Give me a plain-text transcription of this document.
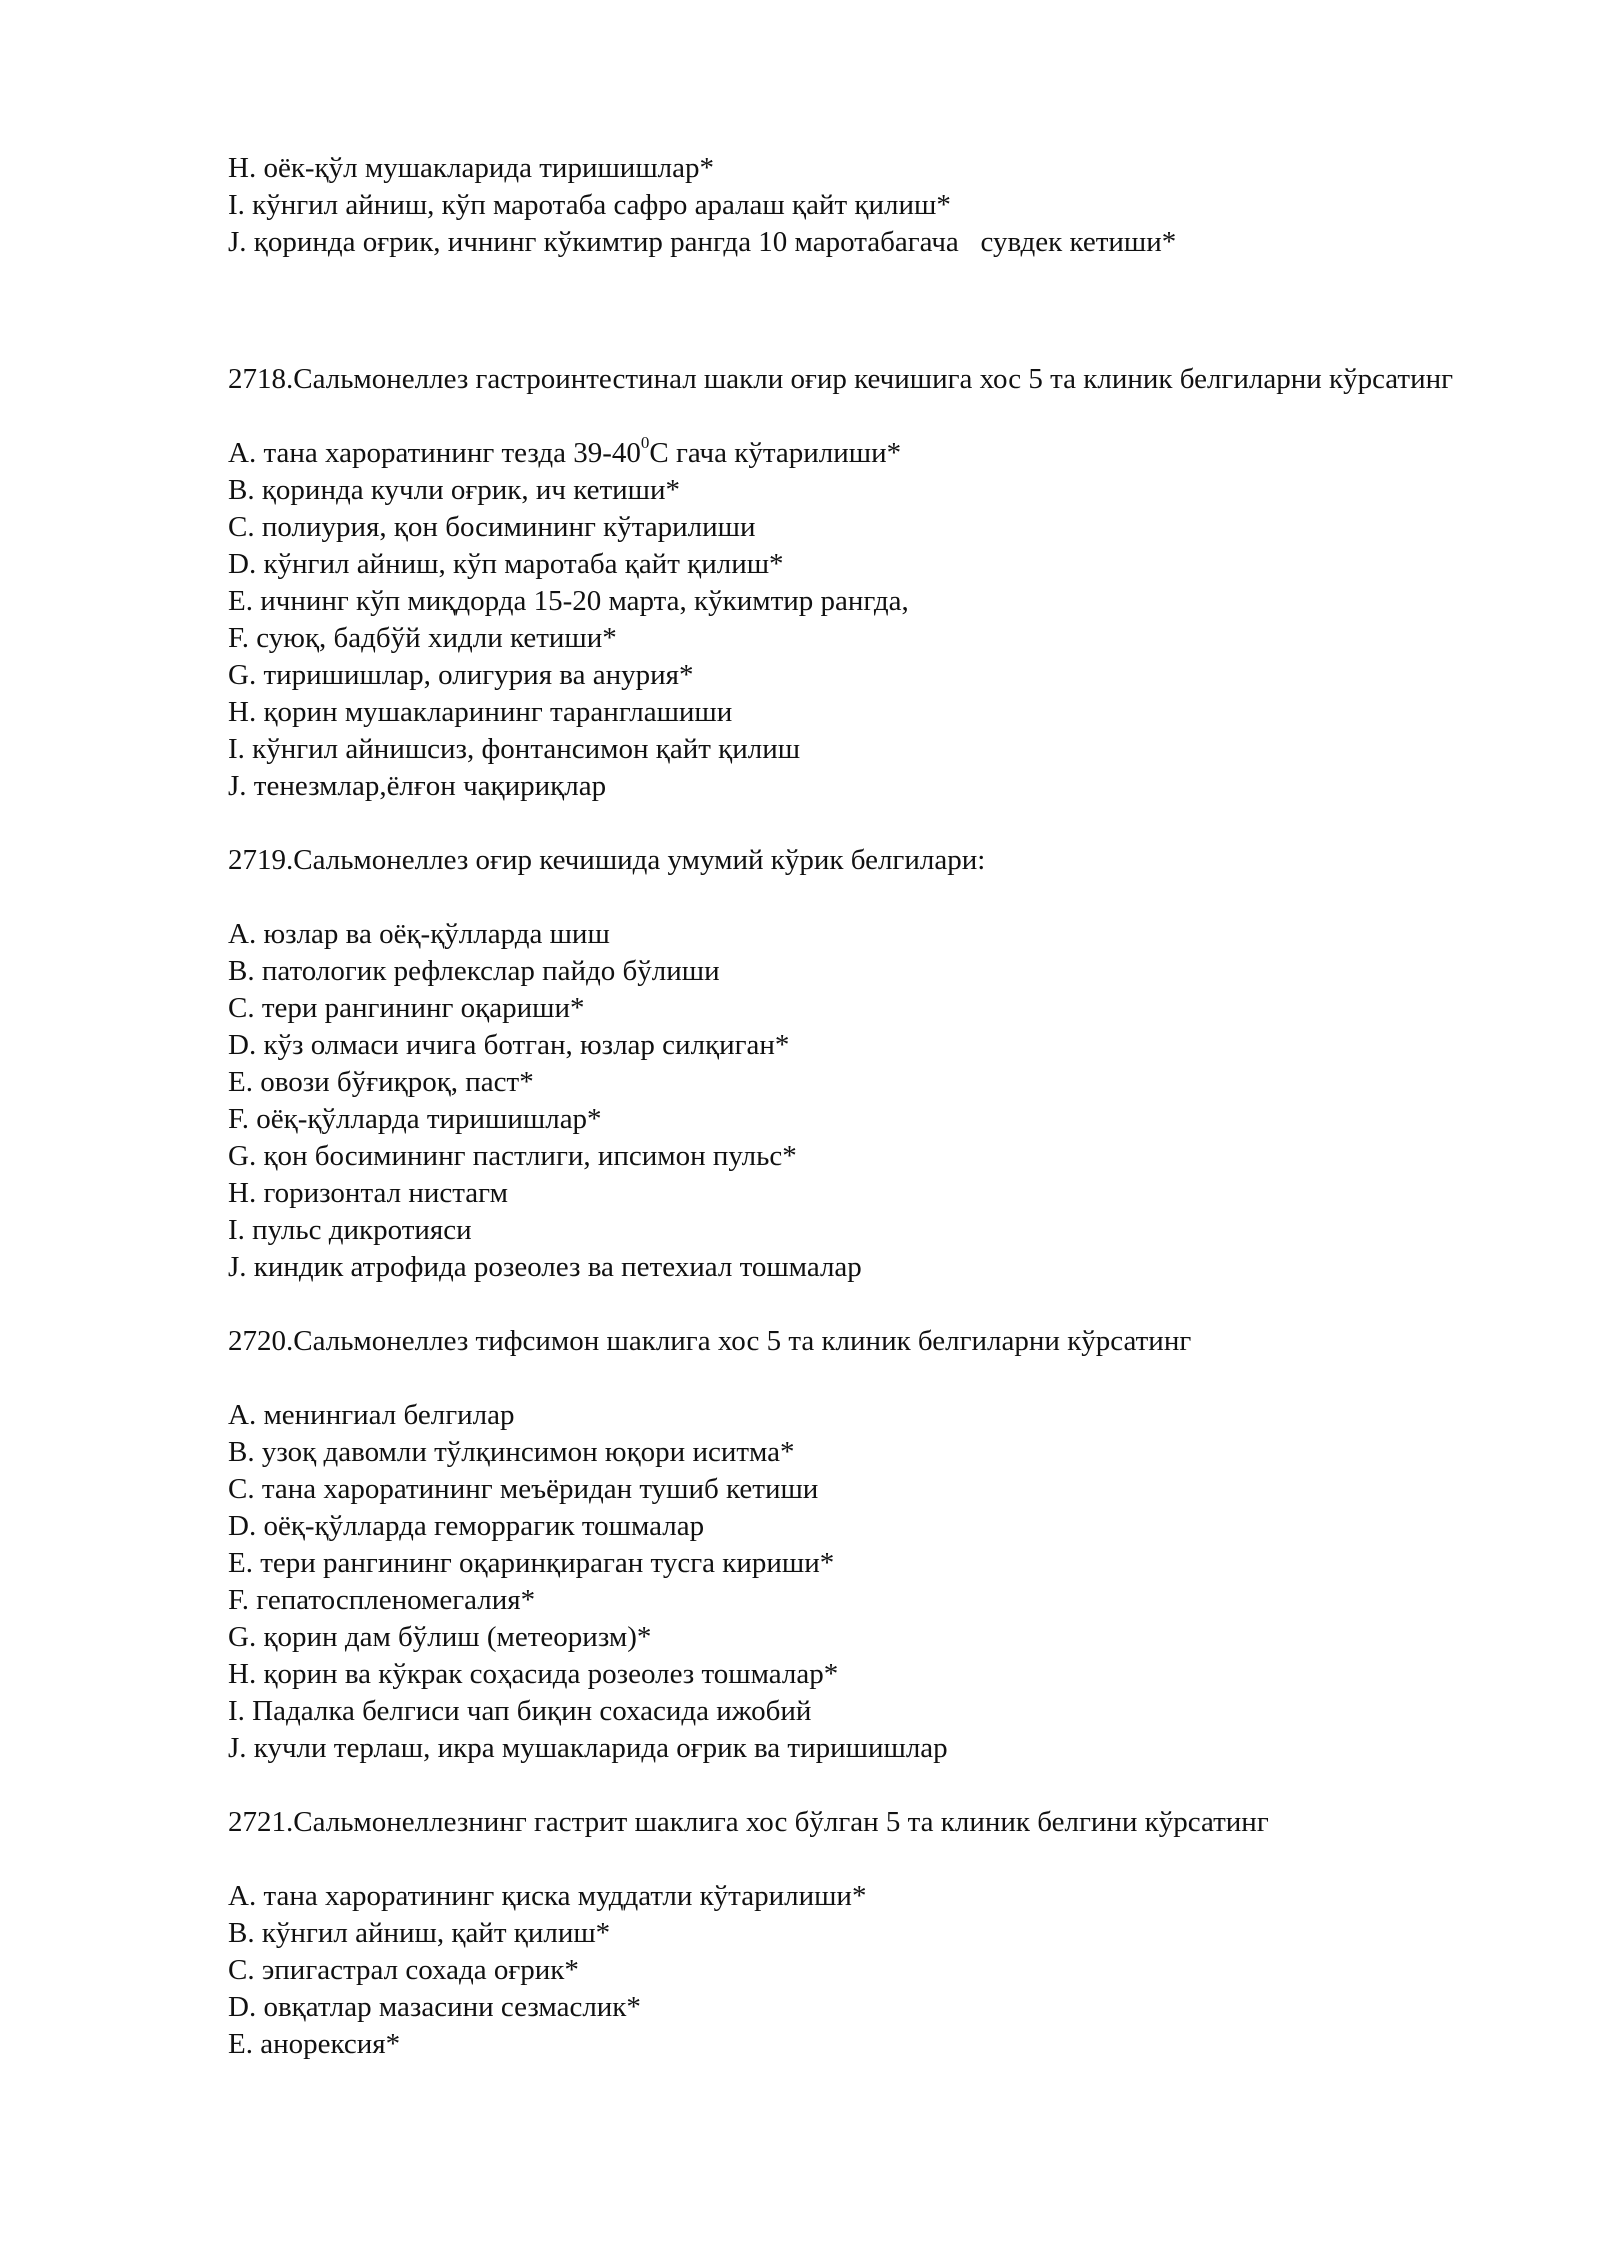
H. оёк-қўл мушакларида тиришишлар*
I. кўнгил айниш, кўп маротаба сафро аралаш қайт қилиш*
J. қоринда оғрик, ичнинг кўкимтир рангда 10 маротабагача   сувдек кетиши*
2718.Сальмонеллез гастроинтестинал шакли оғир кечишига хос 5 та клиник белгиларни кўрсатинг
A. тана хароратининг тезда $39-40^0C$ гача кўтарилиши*
B. қоринда кучли оғрик, ич кетиши*
C. полиурия, қон босимининг кўтарилиши
D. кўнгил айниш, кўп маротаба қайт қилиш*
E. ичнинг кўп миқдорда 15-20 марта, кўкимтир рангда,
F. суюқ, бадбўй хидли кетиши*
G. тиришишлар, олигурия ва анурия*
H. қорин мушакларининг таранглашиши
I. кўнгил айнишсиз, фонтансимон қайт қилиш
J. тенезмлар,ёлғон чақириқлар
2719.Сальмонеллез оғир кечишида умумий кўрик белгилари:
A. юзлар ва оёқ-қўлларда шиш
B. патологик рефлекслар пайдо бўлиши
C. тери рангининг оқариши*
D. кўз олмаси ичига ботган, юзлар силқиган*
E. овози бўғиқроқ, паст*
F. оёқ-қўлларда тиришишлар*
G. қон босимининг пастлиги, ипсимон пульс*
H. горизонтал нистагм
I. пульс дикротияси
J. киндик атрофида розеолез ва петехиал тошмалар
2720.Сальмонеллез тифсимон шаклига хос 5 та клиник белгиларни кўрсатинг
A. менингиал белгилар
B. узоқ давомли тўлқинсимон юқори иситма*
C. тана хароратининг меъёридан тушиб кетиши
D. оёқ-қўлларда геморрагик тошмалар
E. тери рангининг оқаринқираган тусга кириши*
F. гепатоспленомегалия*
G. қорин дам бўлиш (метеоризм)*
H. қорин ва кўкрак соҳасида розеолез тошмалар*
I. Падалка белгиси чап биқин сохасида ижобий
J. кучли терлаш, икра мушакларида оғрик ва тиришишлар
2721.Сальмонеллезнинг гастрит шаклига хос бўлган 5 та клиник белгини кўрсатинг
A. тана хароратининг қиска муддатли кўтарилиши*
B. кўнгил айниш, қайт қилиш*
C. эпигастрал сохада оғрик*
D. овқатлар мазасини сезмаслик*
E. анорексия*
